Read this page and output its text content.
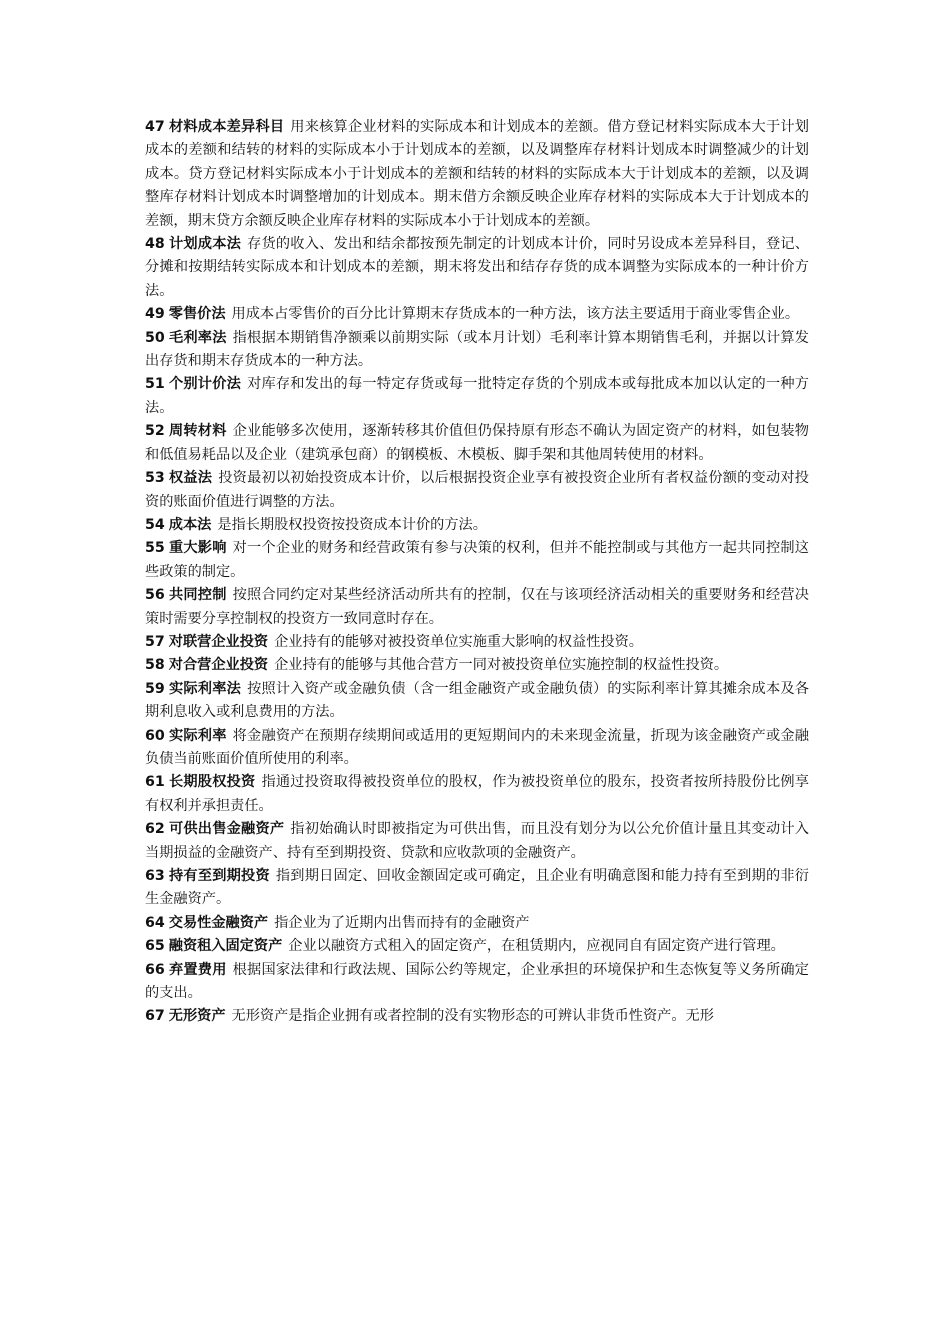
47 材料成本差异科目 用来核算企业材料的实际成本和计划成本的差额。借方登记材料实际成本大于计划成本的差额和结转的材料的实际成本小于计划成本的差额，以及调整库存材料计划成本时调整减少的计划成本。贷方登记材料实际成本小于计划成本的差额和结转的材料的实际成本大于计划成本的差额，以及调整库存材料计划成本时调整增加的计划成本。期末借方余额反映企业库存材料的实际成本大于计划成本的差额，期末贷方余额反映企业库存材料的实际成本小于计划成本的差额。

48 计划成本法 存货的收入、发出和结余都按预先制定的计划成本计价，同时另设成本差异科目，登记、 分摊和按期结转实际成本和计划成本的差额，期末将发出和结存存货的成本调整为实际成本的一种计价方法。

49 零售价法 用成本占零售价的百分比计算期末存货成本的一种方法，该方法主要适用于商业零售企业。

50 毛利率法 指根据本期销售净额乘以前期实际（或本月计划）毛利率计算本期销售毛利，并据以计算发出存货和期末存货成本的一种方法。

51 个别计价法 对库存和发出的每一特定存货或每一批特定存货的个别成本或每批成本加以认定的一种方法。

52 周转材料 企业能够多次使用，逐渐转移其价值但仍保持原有形态不确认为固定资产的材料，如包装物和低值易耗品以及企业（建筑承包商）的钢模板、木模板、脚手架和其他周转使用的材料。

53 权益法 投资最初以初始投资成本计价，以后根据投资企业享有被投资企业所有者权益份额的变动对投资的账面价值进行调整的方法。

54 成本法 是指长期股权投资按投资成本计价的方法。

55 重大影响 对一个企业的财务和经营政策有参与决策的权利，但并不能控制或与其他方一起共同控制这些政策的制定。

56 共同控制 按照合同约定对某些经济活动所共有的控制，仅在与该项经济活动相关的重要财务和经营决策时需要分享控制权的投资方一致同意时存在。

57 对联营企业投资 企业持有的能够对被投资单位实施重大影响的权益性投资。

58 对合营企业投资 企业持有的能够与其他合营方一同对被投资单位实施控制的权益性投资。

59 实际利率法 按照计入资产或金融负债（含一组金融资产或金融负债）的实际利率计算其摊余成本及各期利息收入或利息费用的方法。

60 实际利率 将金融资产在预期存续期间或适用的更短期间内的未来现金流量，折现为该金融资产或金融负债当前账面价值所使用的利率。

61 长期股权投资 指通过投资取得被投资单位的股权，作为被投资单位的股东，投资者按所持股份比例享有权利并承担责任。

62 可供出售金融资产 指初始确认时即被指定为可供出售，而且没有划分为以公允价值计量且其变动计入当期损益的金融资产、持有至到期投资、贷款和应收款项的金融资产。

63 持有至到期投资 指到期日固定、回收金额固定或可确定，且企业有明确意图和能力持有至到期的非衍生金融资产。

64 交易性金融资产 指企业为了近期内出售而持有的金融资产

65 融资租入固定资产 企业以融资方式租入的固定资产，在租赁期内，应视同自有固定资产进行管理。

66 弃置费用 根据国家法律和行政法规、国际公约等规定，企业承担的环境保护和生态恢复等义务所确定的支出。

67 无形资产 无形资产是指企业拥有或者控制的没有实物形态的可辨认非货币性资产。无形
